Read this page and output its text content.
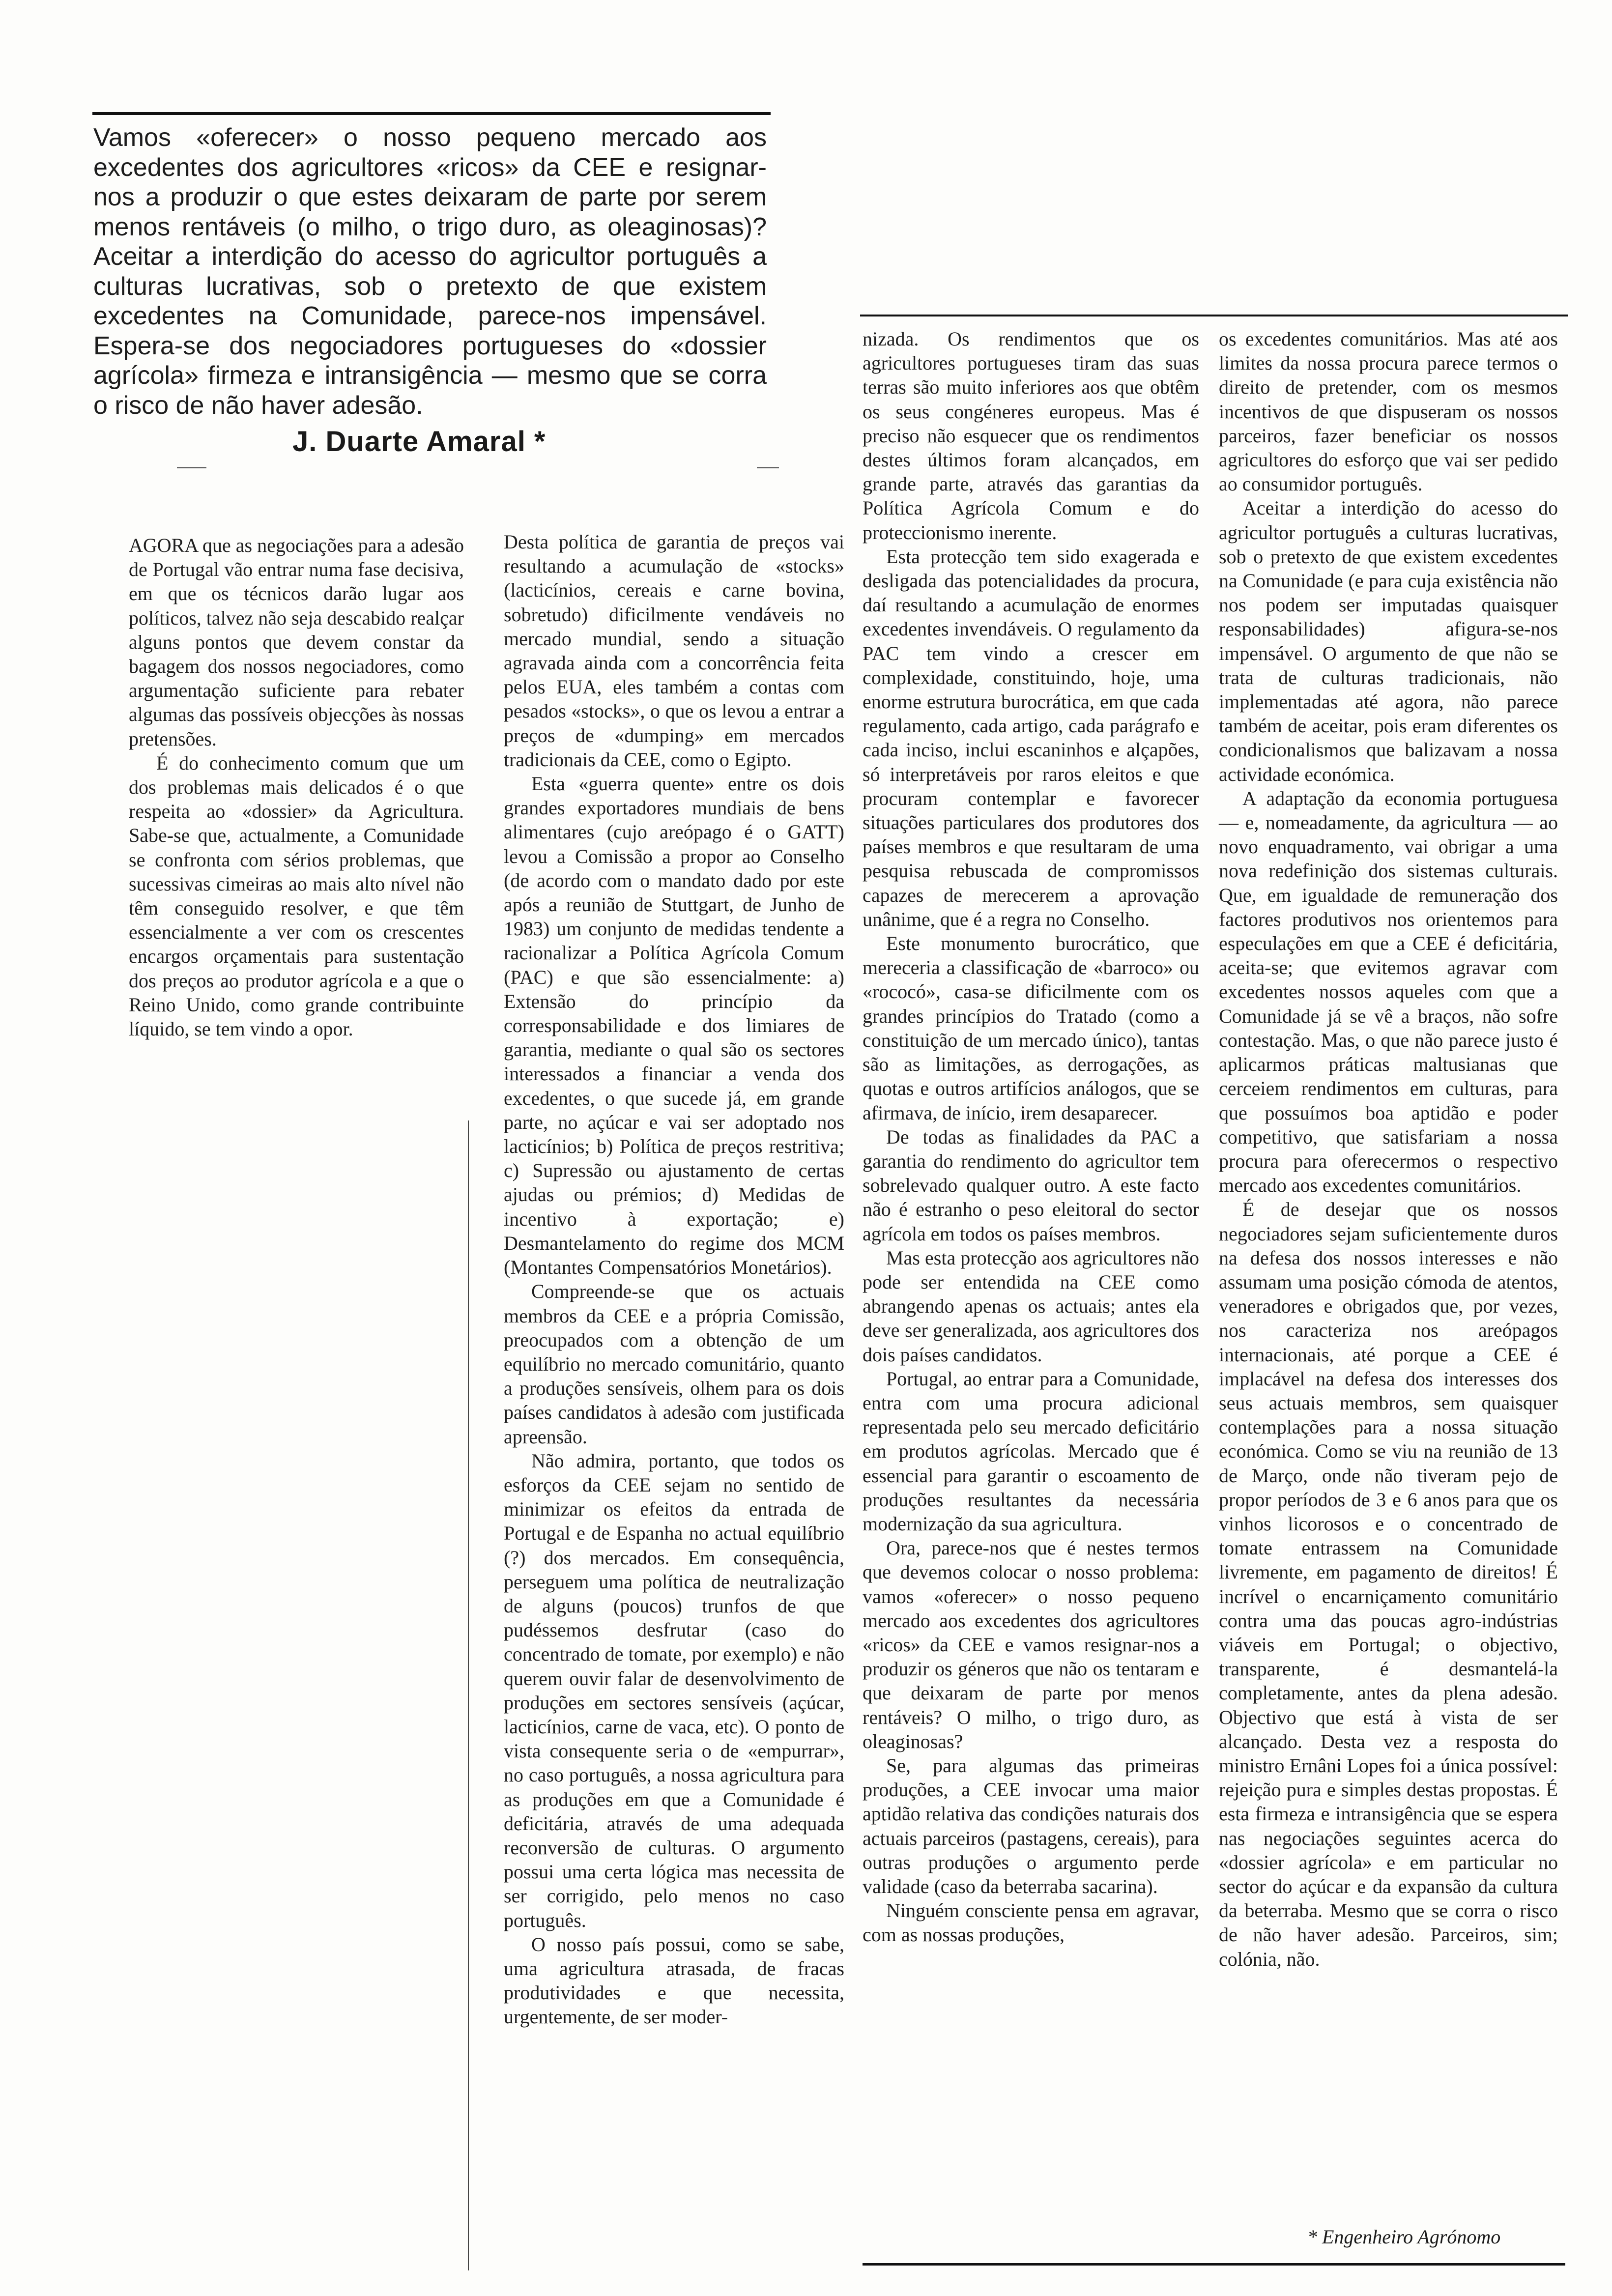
Vamos «oferecer» o nosso pequeno mercado aos excedentes dos agricultores «ricos» da CEE e resignar-nos a produzir o que estes deixaram de parte por serem menos rentáveis (o milho, o trigo duro, as oleaginosas)? Aceitar a interdição do acesso do agricultor português a culturas lucrativas, sob o pretexto de que existem excedentes na Comunidade, parece-nos impensável. Espera-se dos negociadores portugueses do «dossier agrícola» firmeza e intransigência — mesmo que se corra o risco de não haver adesão.

J. Duarte Amaral *

AGORA que as negociações para a adesão de Portugal vão entrar numa fase decisiva, em que os técnicos darão lugar aos políticos, talvez não seja descabido realçar alguns pontos que devem constar da bagagem dos nossos negociadores, como argumentação suficiente para rebater algumas das possíveis objecções às nossas pretensões.

É do conhecimento comum que um dos problemas mais delicados é o que respeita ao «dossier» da Agricultura. Sabe-se que, actualmente, a Comunidade se confronta com sérios problemas, que sucessivas cimeiras ao mais alto nível não têm conseguido resolver, e que têm essencialmente a ver com os crescentes encargos orçamentais para sustentação dos preços ao produtor agrícola e a que o Reino Unido, como grande contribuinte líquido, se tem vindo a opor.

Desta política de garantia de preços vai resultando a acumulação de «stocks» (lacticínios, cereais e carne bovina, sobretudo) dificilmente vendáveis no mercado mundial, sendo a situação agravada ainda com a concorrência feita pelos EUA, eles também a contas com pesados «stocks», o que os levou a entrar a preços de «dumping» em mercados tradicionais da CEE, como o Egipto.

Esta «guerra quente» entre os dois grandes exportadores mundiais de bens alimentares (cujo areópago é o GATT) levou a Comissão a propor ao Conselho (de acordo com o mandato dado por este após a reunião de Stuttgart, de Junho de 1983) um conjunto de medidas tendente a racionalizar a Política Agrícola Comum (PAC) e que são essencialmente: a) Extensão do princípio da corresponsabilidade e dos limiares de garantia, mediante o qual são os sectores interessados a financiar a venda dos excedentes, o que sucede já, em grande parte, no açúcar e vai ser adoptado nos lacticínios; b) Política de preços restritiva; c) Supressão ou ajustamento de certas ajudas ou prémios; d) Medidas de incentivo à exportação; e) Desmantelamento do regime dos MCM (Montantes Compensatórios Monetários).

Compreende-se que os actuais membros da CEE e a própria Comissão, preocupados com a obtenção de um equilíbrio no mercado comunitário, quanto a produções sensíveis, olhem para os dois países candidatos à adesão com justificada apreensão.

Não admira, portanto, que todos os esforços da CEE sejam no sentido de minimizar os efeitos da entrada de Portugal e de Espanha no actual equilíbrio (?) dos mercados. Em consequência, perseguem uma política de neutralização de alguns (poucos) trunfos de que pudéssemos desfrutar (caso do concentrado de tomate, por exemplo) e não querem ouvir falar de desenvolvimento de produções em sectores sensíveis (açúcar, lacticínios, carne de vaca, etc). O ponto de vista consequente seria o de «empurrar», no caso português, a nossa agricultura para as produções em que a Comunidade é deficitária, através de uma adequada reconversão de culturas. O argumento possui uma certa lógica mas necessita de ser corrigido, pelo menos no caso português.

O nosso país possui, como se sabe, uma agricultura atrasada, de fracas produtividades e que necessita, urgentemente, de ser moder-

nizada. Os rendimentos que os agricultores portugueses tiram das suas terras são muito inferiores aos que obtêm os seus congéneres europeus. Mas é preciso não esquecer que os rendimentos destes últimos foram alcançados, em grande parte, através das garantias da Política Agrícola Comum e do proteccionismo inerente.

Esta protecção tem sido exagerada e desligada das potencialidades da procura, daí resultando a acumulação de enormes excedentes invendáveis. O regulamento da PAC tem vindo a crescer em complexidade, constituindo, hoje, uma enorme estrutura burocrática, em que cada regulamento, cada artigo, cada parágrafo e cada inciso, inclui escaninhos e alçapões, só interpretáveis por raros eleitos e que procuram contemplar e favorecer situações particulares dos produtores dos países membros e que resultaram de uma pesquisa rebuscada de compromissos capazes de merecerem a aprovação unânime, que é a regra no Conselho.

Este monumento burocrático, que mereceria a classificação de «barroco» ou «rococó», casa-se dificilmente com os grandes princípios do Tratado (como a constituição de um mercado único), tantas são as limitações, as derrogações, as quotas e outros artifícios análogos, que se afirmava, de início, irem desaparecer.

De todas as finalidades da PAC a garantia do rendimento do agricultor tem sobrelevado qualquer outro. A este facto não é estranho o peso eleitoral do sector agrícola em todos os países membros.

Mas esta protecção aos agricultores não pode ser entendida na CEE como abrangendo apenas os actuais; antes ela deve ser generalizada, aos agricultores dos dois países candidatos.

Portugal, ao entrar para a Comunidade, entra com uma procura adicional representada pelo seu mercado deficitário em produtos agrícolas. Mercado que é essencial para garantir o escoamento de produções resultantes da necessária modernização da sua agricultura.

Ora, parece-nos que é nestes termos que devemos colocar o nosso problema: vamos «oferecer» o nosso pequeno mercado aos excedentes dos agricultores «ricos» da CEE e vamos resignar-nos a produzir os géneros que não os tentaram e que deixaram de parte por menos rentáveis? O milho, o trigo duro, as oleaginosas?

Se, para algumas das primeiras produções, a CEE invocar uma maior aptidão relativa das condições naturais dos actuais parceiros (pastagens, cereais), para outras produções o argumento perde validade (caso da beterraba sacarina).

Ninguém consciente pensa em agravar, com as nossas produções,

os excedentes comunitários. Mas até aos limites da nossa procura parece termos o direito de pretender, com os mesmos incentivos de que dispuseram os nossos parceiros, fazer beneficiar os nossos agricultores do esforço que vai ser pedido ao consumidor português.

Aceitar a interdição do acesso do agricultor português a culturas lucrativas, sob o pretexto de que existem excedentes na Comunidade (e para cuja existência não nos podem ser imputadas quaisquer responsabilidades) afigura-se-nos impensável. O argumento de que não se trata de culturas tradicionais, não implementadas até agora, não parece também de aceitar, pois eram diferentes os condicionalismos que balizavam a nossa actividade económica.

A adaptação da economia portuguesa — e, nomeadamente, da agricultura — ao novo enquadramento, vai obrigar a uma nova redefinição dos sistemas culturais. Que, em igualdade de remuneração dos factores produtivos nos orientemos para especulações em que a CEE é deficitária, aceita-se; que evitemos agravar com excedentes nossos aqueles com que a Comunidade já se vê a braços, não sofre contestação. Mas, o que não parece justo é aplicarmos práticas maltusianas que cerceiem rendimentos em culturas, para que possuímos boa aptidão e poder competitivo, que satisfariam a nossa procura para oferecermos o respectivo mercado aos excedentes comunitários.

É de desejar que os nossos negociadores sejam suficientemente duros na defesa dos nossos interesses e não assumam uma posição cómoda de atentos, veneradores e obrigados que, por vezes, nos caracteriza nos areópagos internacionais, até porque a CEE é implacável na defesa dos interesses dos seus actuais membros, sem quaisquer contemplações para a nossa situação económica. Como se viu na reunião de 13 de Março, onde não tiveram pejo de propor períodos de 3 e 6 anos para que os vinhos licorosos e o concentrado de tomate entrassem na Comunidade livremente, em pagamento de direitos! É incrível o encarniçamento comunitário contra uma das poucas agro-indústrias viáveis em Portugal; o objectivo, transparente, é desmantelá-la completamente, antes da plena adesão. Objectivo que está à vista de ser alcançado. Desta vez a resposta do ministro Ernâni Lopes foi a única possível: rejeição pura e simples destas propostas. É esta firmeza e intransigência que se espera nas negociações seguintes acerca do «dossier agrícola» e em particular no sector do açúcar e da expansão da cultura da beterraba. Mesmo que se corra o risco de não haver adesão. Parceiros, sim; colónia, não.

* Engenheiro Agrónomo
